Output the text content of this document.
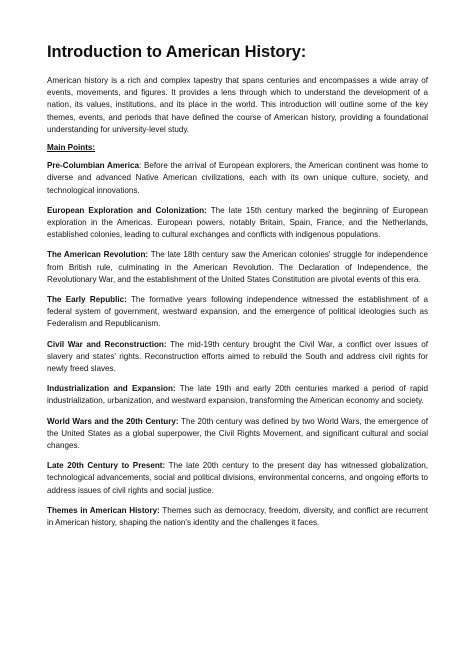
Introduction to American History:

American history is a rich and complex tapestry that spans centuries and encompasses a wide array of events, movements, and figures. It provides a lens through which to understand the development of a nation, its values, institutions, and its place in the world. This introduction will outline some of the key themes, events, and periods that have defined the course of American history, providing a foundational understanding for university-level study.

Main Points:

Pre-Columbian America: Before the arrival of European explorers, the American continent was home to diverse and advanced Native American civilizations, each with its own unique culture, society, and technological innovations.

European Exploration and Colonization: The late 15th century marked the beginning of European exploration in the Americas. European powers, notably Britain, Spain, France, and the Netherlands, established colonies, leading to cultural exchanges and conflicts with indigenous populations.

The American Revolution: The late 18th century saw the American colonies' struggle for independence from British rule, culminating in the American Revolution. The Declaration of Independence, the Revolutionary War, and the establishment of the United States Constitution are pivotal events of this era.

The Early Republic: The formative years following independence witnessed the establishment of a federal system of government, westward expansion, and the emergence of political ideologies such as Federalism and Republicanism.

Civil War and Reconstruction: The mid-19th century brought the Civil War, a conflict over issues of slavery and states' rights. Reconstruction efforts aimed to rebuild the South and address civil rights for newly freed slaves.

Industrialization and Expansion: The late 19th and early 20th centuries marked a period of rapid industrialization, urbanization, and westward expansion, transforming the American economy and society.

World Wars and the 20th Century: The 20th century was defined by two World Wars, the emergence of the United States as a global superpower, the Civil Rights Movement, and significant cultural and social changes.

Late 20th Century to Present: The late 20th century to the present day has witnessed globalization, technological advancements, social and political divisions, environmental concerns, and ongoing efforts to address issues of civil rights and social justice.

Themes in American History: Themes such as democracy, freedom, diversity, and conflict are recurrent in American history, shaping the nation's identity and the challenges it faces.
